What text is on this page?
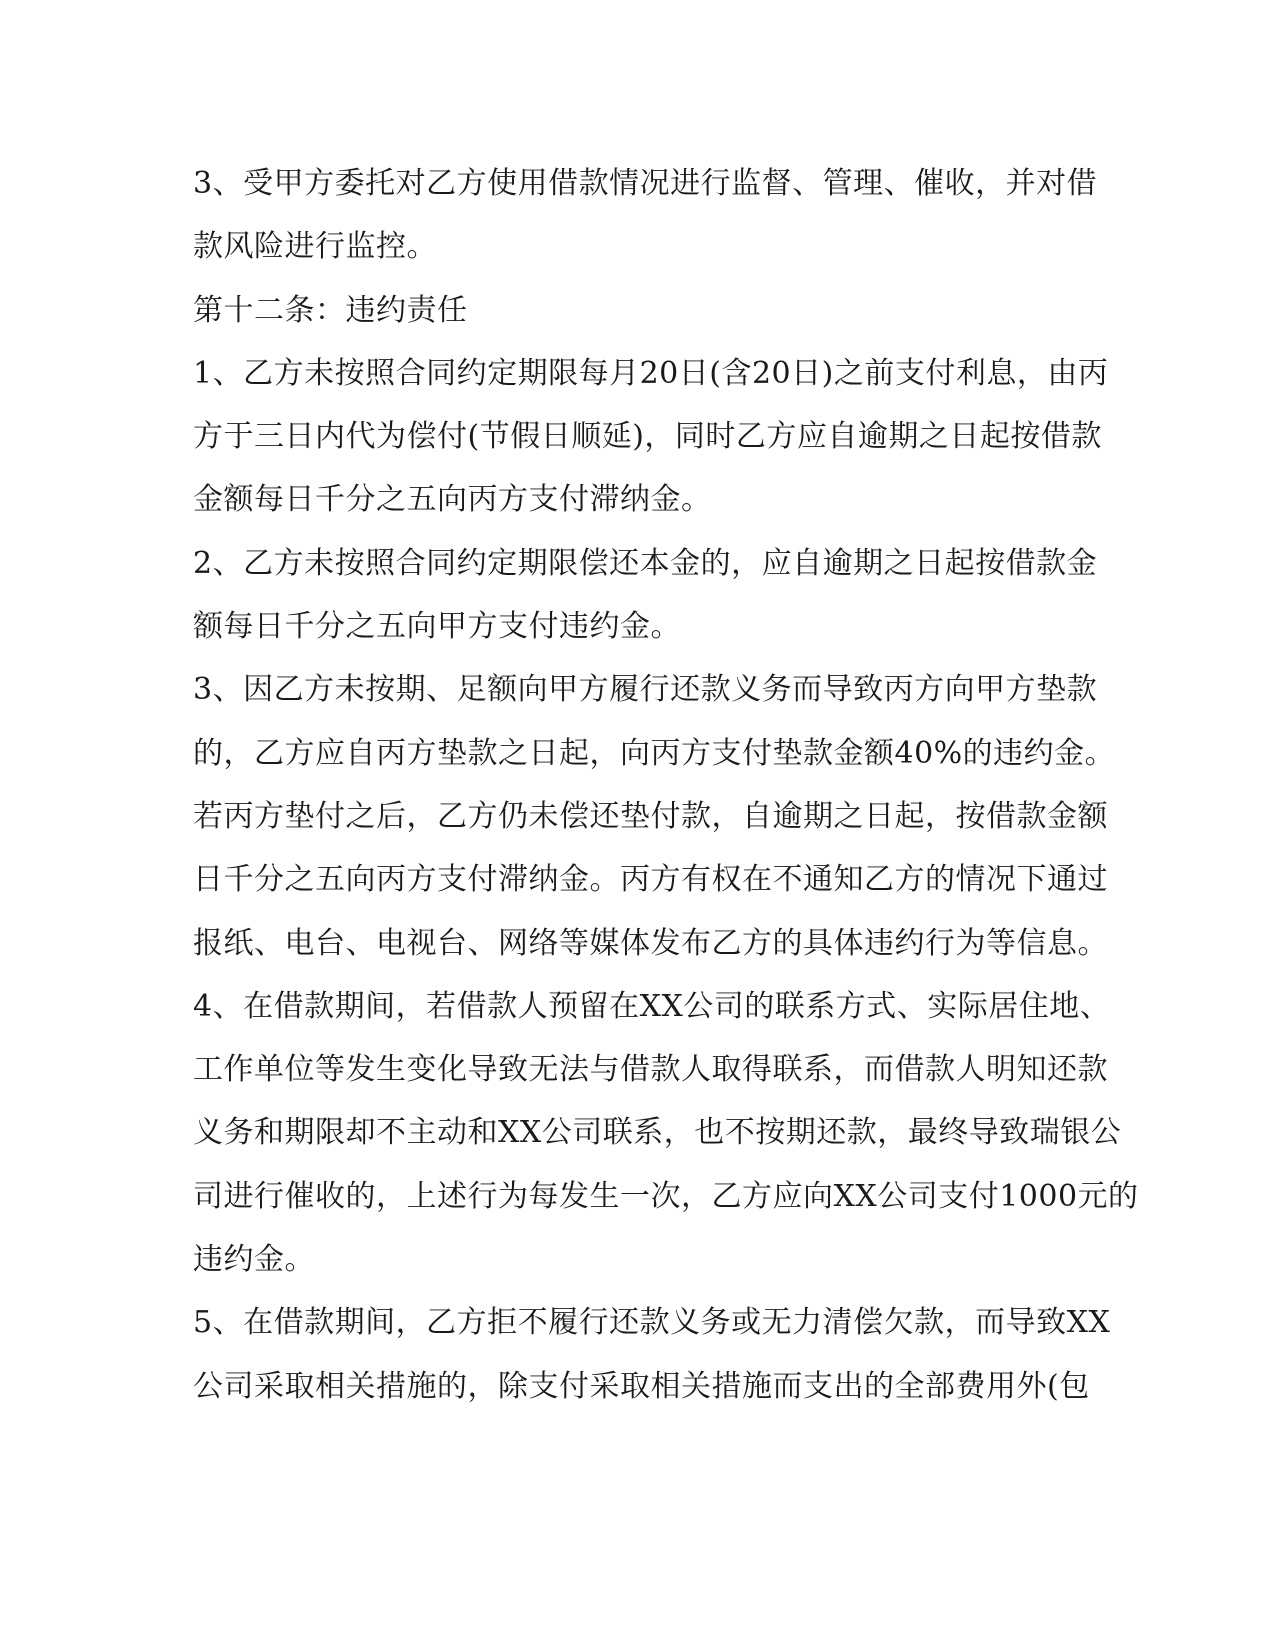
3、受甲方委托对乙方使用借款情况进行监督、管理、催收，并对借
款风险进行监控。
第十二条：违约责任
1、乙方未按照合同约定期限每月20日(含20日)之前支付利息，由丙
方于三日内代为偿付(节假日顺延)，同时乙方应自逾期之日起按借款
金额每日千分之五向丙方支付滞纳金。
2、乙方未按照合同约定期限偿还本金的，应自逾期之日起按借款金
额每日千分之五向甲方支付违约金。
3、因乙方未按期、足额向甲方履行还款义务而导致丙方向甲方垫款
的，乙方应自丙方垫款之日起，向丙方支付垫款金额40%的违约金。
若丙方垫付之后，乙方仍未偿还垫付款，自逾期之日起，按借款金额
日千分之五向丙方支付滞纳金。丙方有权在不通知乙方的情况下通过
报纸、电台、电视台、网络等媒体发布乙方的具体违约行为等信息。
4、在借款期间，若借款人预留在XX公司的联系方式、实际居住地、
工作单位等发生变化导致无法与借款人取得联系，而借款人明知还款
义务和期限却不主动和XX公司联系，也不按期还款，最终导致瑞银公
司进行催收的，上述行为每发生一次，乙方应向XX公司支付1000元的
违约金。
5、在借款期间，乙方拒不履行还款义务或无力清偿欠款，而导致XX
公司采取相关措施的，除支付采取相关措施而支出的全部费用外(包
